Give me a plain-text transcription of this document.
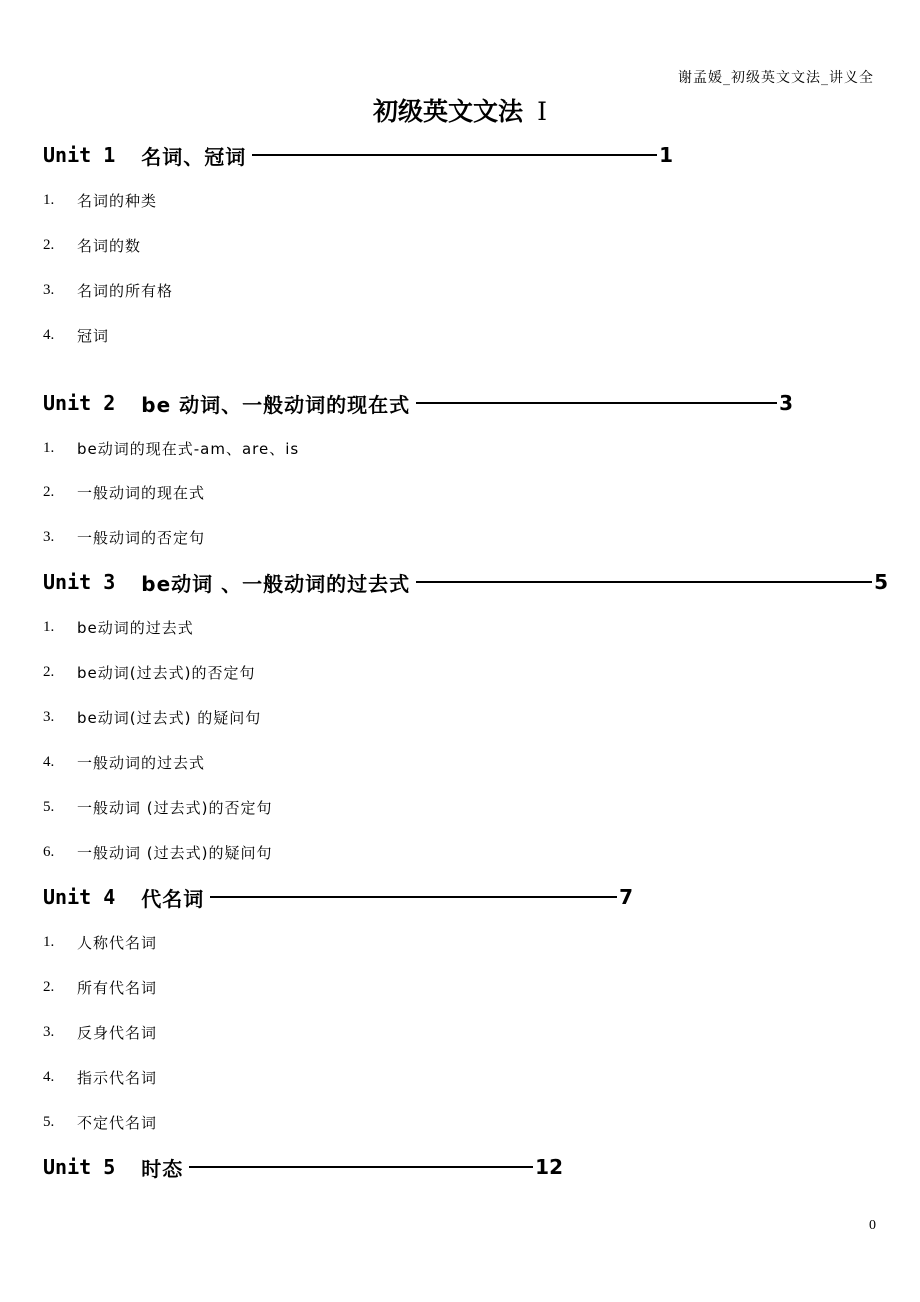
谢孟媛_初级英文文法_讲义全
初级英文文法 Ⅰ
Unit 1 名词、冠词	1
1.	名词的种类
2.	名词的数
3.	名词的所有格
4.	冠词
Unit 2 be 动词、一般动词的现在式	3
1.	be动词的现在式-am、are、is
2.	一般动词的现在式
3.	一般动词的否定句
Unit 3 be动词 、一般动词的过去式	5
1.	be动词的过去式
2.	be动词(过去式)的否定句
3.	be动词(过去式) 的疑问句
4.	一般动词的过去式
5.	一般动词 (过去式)的否定句
6.	一般动词 (过去式)的疑问句
Unit 4 代名词	7
1.	人称代名词
2.	所有代名词
3.	反身代名词
4.	指示代名词
5.	不定代名词
Unit 5 时态	12
0
